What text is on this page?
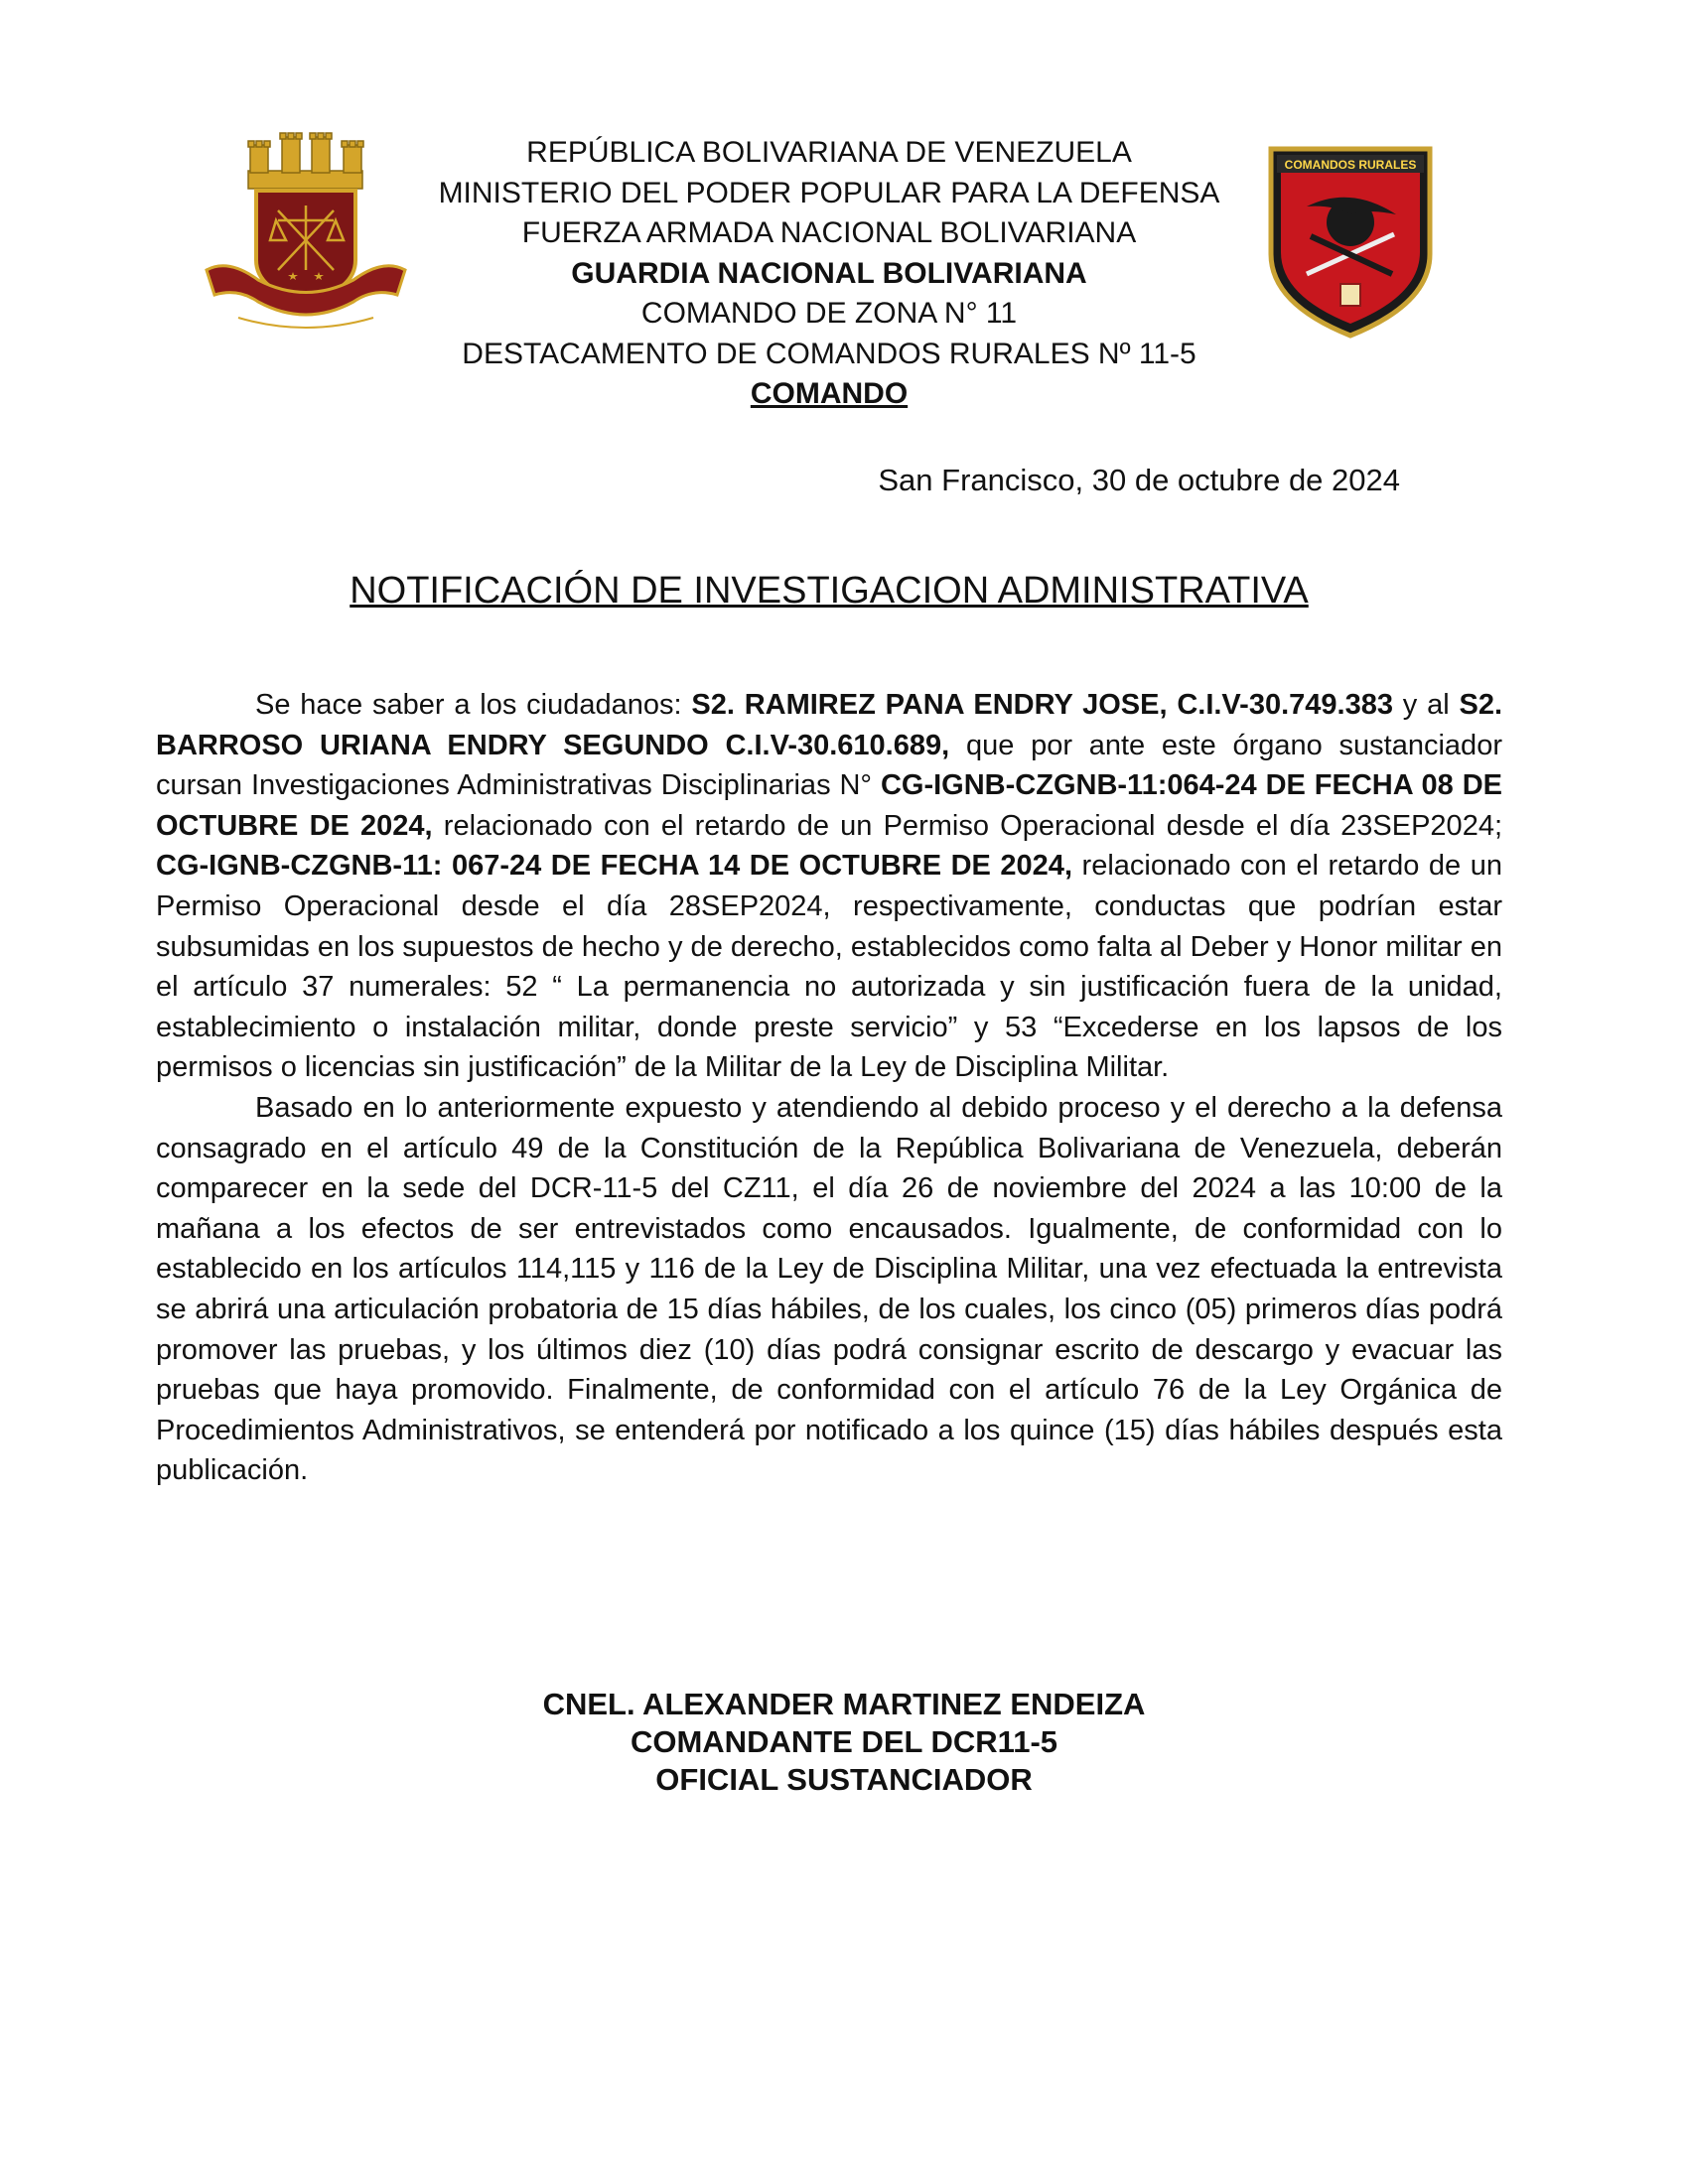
COMANDOS RURALES
REPÚBLICA BOLIVARIANA DE VENEZUELA
MINISTERIO DEL PODER POPULAR PARA LA DEFENSA
FUERZA ARMADA NACIONAL BOLIVARIANA
GUARDIA NACIONAL BOLIVARIANA
COMANDO DE ZONA N° 11
DESTACAMENTO DE COMANDOS RURALES Nº 11-5
COMANDO
San Francisco, 30 de octubre de 2024
NOTIFICACIÓN DE INVESTIGACION ADMINISTRATIVA

Se hace saber a los ciudadanos: S2. RAMIREZ PANA ENDRY JOSE, C.I.V-30.749.383 y al S2. BARROSO URIANA ENDRY SEGUNDO C.I.V-30.610.689, que por ante este órgano sustanciador cursan Investigaciones Administrativas Disciplinarias N° CG-IGNB-CZGNB-11:064-24 DE FECHA 08 DE OCTUBRE DE 2024, relacionado con el retardo de un Permiso Operacional desde el día 23SEP2024; CG-IGNB-CZGNB-11: 067-24 DE FECHA 14 DE OCTUBRE DE 2024, relacionado con el retardo de un Permiso Operacional desde el día 28SEP2024, respectivamente, conductas que podrían estar subsumidas en los supuestos de hecho y de derecho, establecidos como falta al Deber y Honor militar en el artículo 37 numerales: 52 “ La permanencia no autorizada y sin justificación fuera de la unidad, establecimiento o instalación militar, donde preste servicio” y 53 “Excederse en los lapsos de los permisos o licencias sin justificación” de la Militar de la Ley de Disciplina Militar.

Basado en lo anteriormente expuesto y atendiendo al debido proceso y el derecho a la defensa consagrado en el artículo 49 de la Constitución de la República Bolivariana de Venezuela, deberán comparecer en la sede del DCR-11-5 del CZ11, el día 26 de noviembre del 2024 a las 10:00 de la mañana a los efectos de ser entrevistados como encausados. Igualmente, de conformidad con lo establecido en los artículos 114,115 y 116 de la Ley de Disciplina Militar, una vez efectuada la entrevista se abrirá una articulación probatoria de 15 días hábiles, de los cuales, los cinco (05) primeros días podrá promover las pruebas, y los últimos diez (10) días podrá consignar escrito de descargo y evacuar las pruebas que haya promovido. Finalmente, de conformidad con el artículo 76 de la Ley Orgánica de Procedimientos Administrativos, se entenderá por notificado a los quince (15) días hábiles después esta publicación.

CNEL. ALEXANDER MARTINEZ ENDEIZA
COMANDANTE DEL DCR11-5
OFICIAL SUSTANCIADOR
